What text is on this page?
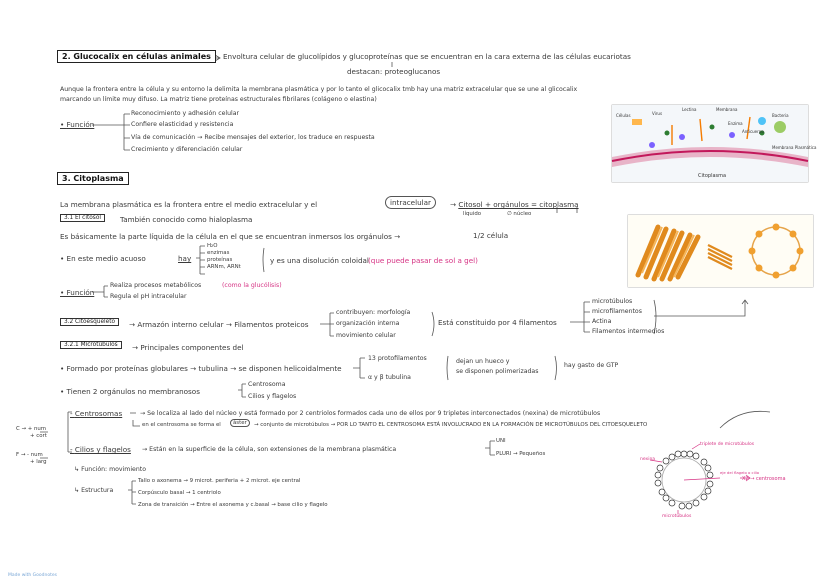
2. Glucocalix en células animales	Envoltura celular de glucolípidos y glucoproteínas que se encuentran en la cara externa de las células eucariotas
destacan: proteoglucanos
Aunque la frontera entre la célula y su entorno la delimita la membrana plasmática y por lo tanto el glicocalix tmb hay una matriz extracelular que se une al glicocalix
marcando un límite muy difuso. La matriz tiene proteínas estructurales fibrilares (colágeno o elastina)
• Función
Reconocimiento y adhesión celular
Confiere elasticidad y resistencia
Vía de comunicación → Recibe mensajes del exterior, los traduce en respuesta
Crecimiento y diferenciación celular
Células	Virus
Lectina	Membrana
Bacteria
Enzima
Anticuerpo
Membrana Plasmática
Citoplasma
3. Citoplasma
La membrana plasmática es la frontera entre el medio extracelular y el	intracelular	→ Citosol + orgánulos = citoplasma
líquido	∅ núcleo
3.1 El citosol	También conocido como hialoplasma
Es básicamente la parte líquida de la célula en el que se encuentran inmersos los orgánulos →	1/2 célula
• En este medio acuoso	hay
H₂O
enzimas
proteínas
ARNm, ARNt
y es una disolución coloidal (que puede pasar de sol a gel)
• Función
Realiza procesos metabólicos	(como la glucólisis)
Regula el pH intracelular
3.2 Citoesqueleto	→ Armazón interno celular → Filamentos proteicos
contribuyen: morfología
organización interna
movimiento celular
Está constituido por 4 filamentos
microtúbulos
microfilamentos
Actina
Filamentos intermedios
3.2.1 Microtúbulos	→ Principales componentes del
• Formado por proteínas globulares → tubulina → se disponen helicoidalmente
13 protofilamentos
α y β tubulina
dejan un hueco y
se disponen polimerizadas
hay gasto de GTP
• Tienen 2 orgánulos no membranosos
Centrosoma
Cilios y flagelos
- Centrosomas	→ Se localiza al lado del núcleo y está formado por 2 centriolos formados cada uno de ellos por 9 tripletes interconectados (nexina) de microtúbulos
en el centrosoma se forma el	áster	→ conjunto de microtúbulos → POR LO TANTO EL CENTROSOMA ESTÁ INVOLUCRADO EN LA FORMACIÓN DE MICROTÚBULOS DEL CITOESQUELETO
- Cilios y flagelos → Están en la superficie de la célula, son extensiones de la membrana plasmática
UNI
PLURI → Pequeños
↳ Función: movimiento
↳ Estructura
Tallo o axonema → 9 microt. periferia + 2 microt. eje central
Corpúsculo basal → 1 centriolo
Zona de transición → Entre el axonema y c.basal → base cilio y flagelo
C → + num
+ cort
F → - num
+ larg
triplete de microtúbulos
nexina
eje del flagelo o cilio
X2 → centrosoma
microtúbulos
Made with Goodnotes
